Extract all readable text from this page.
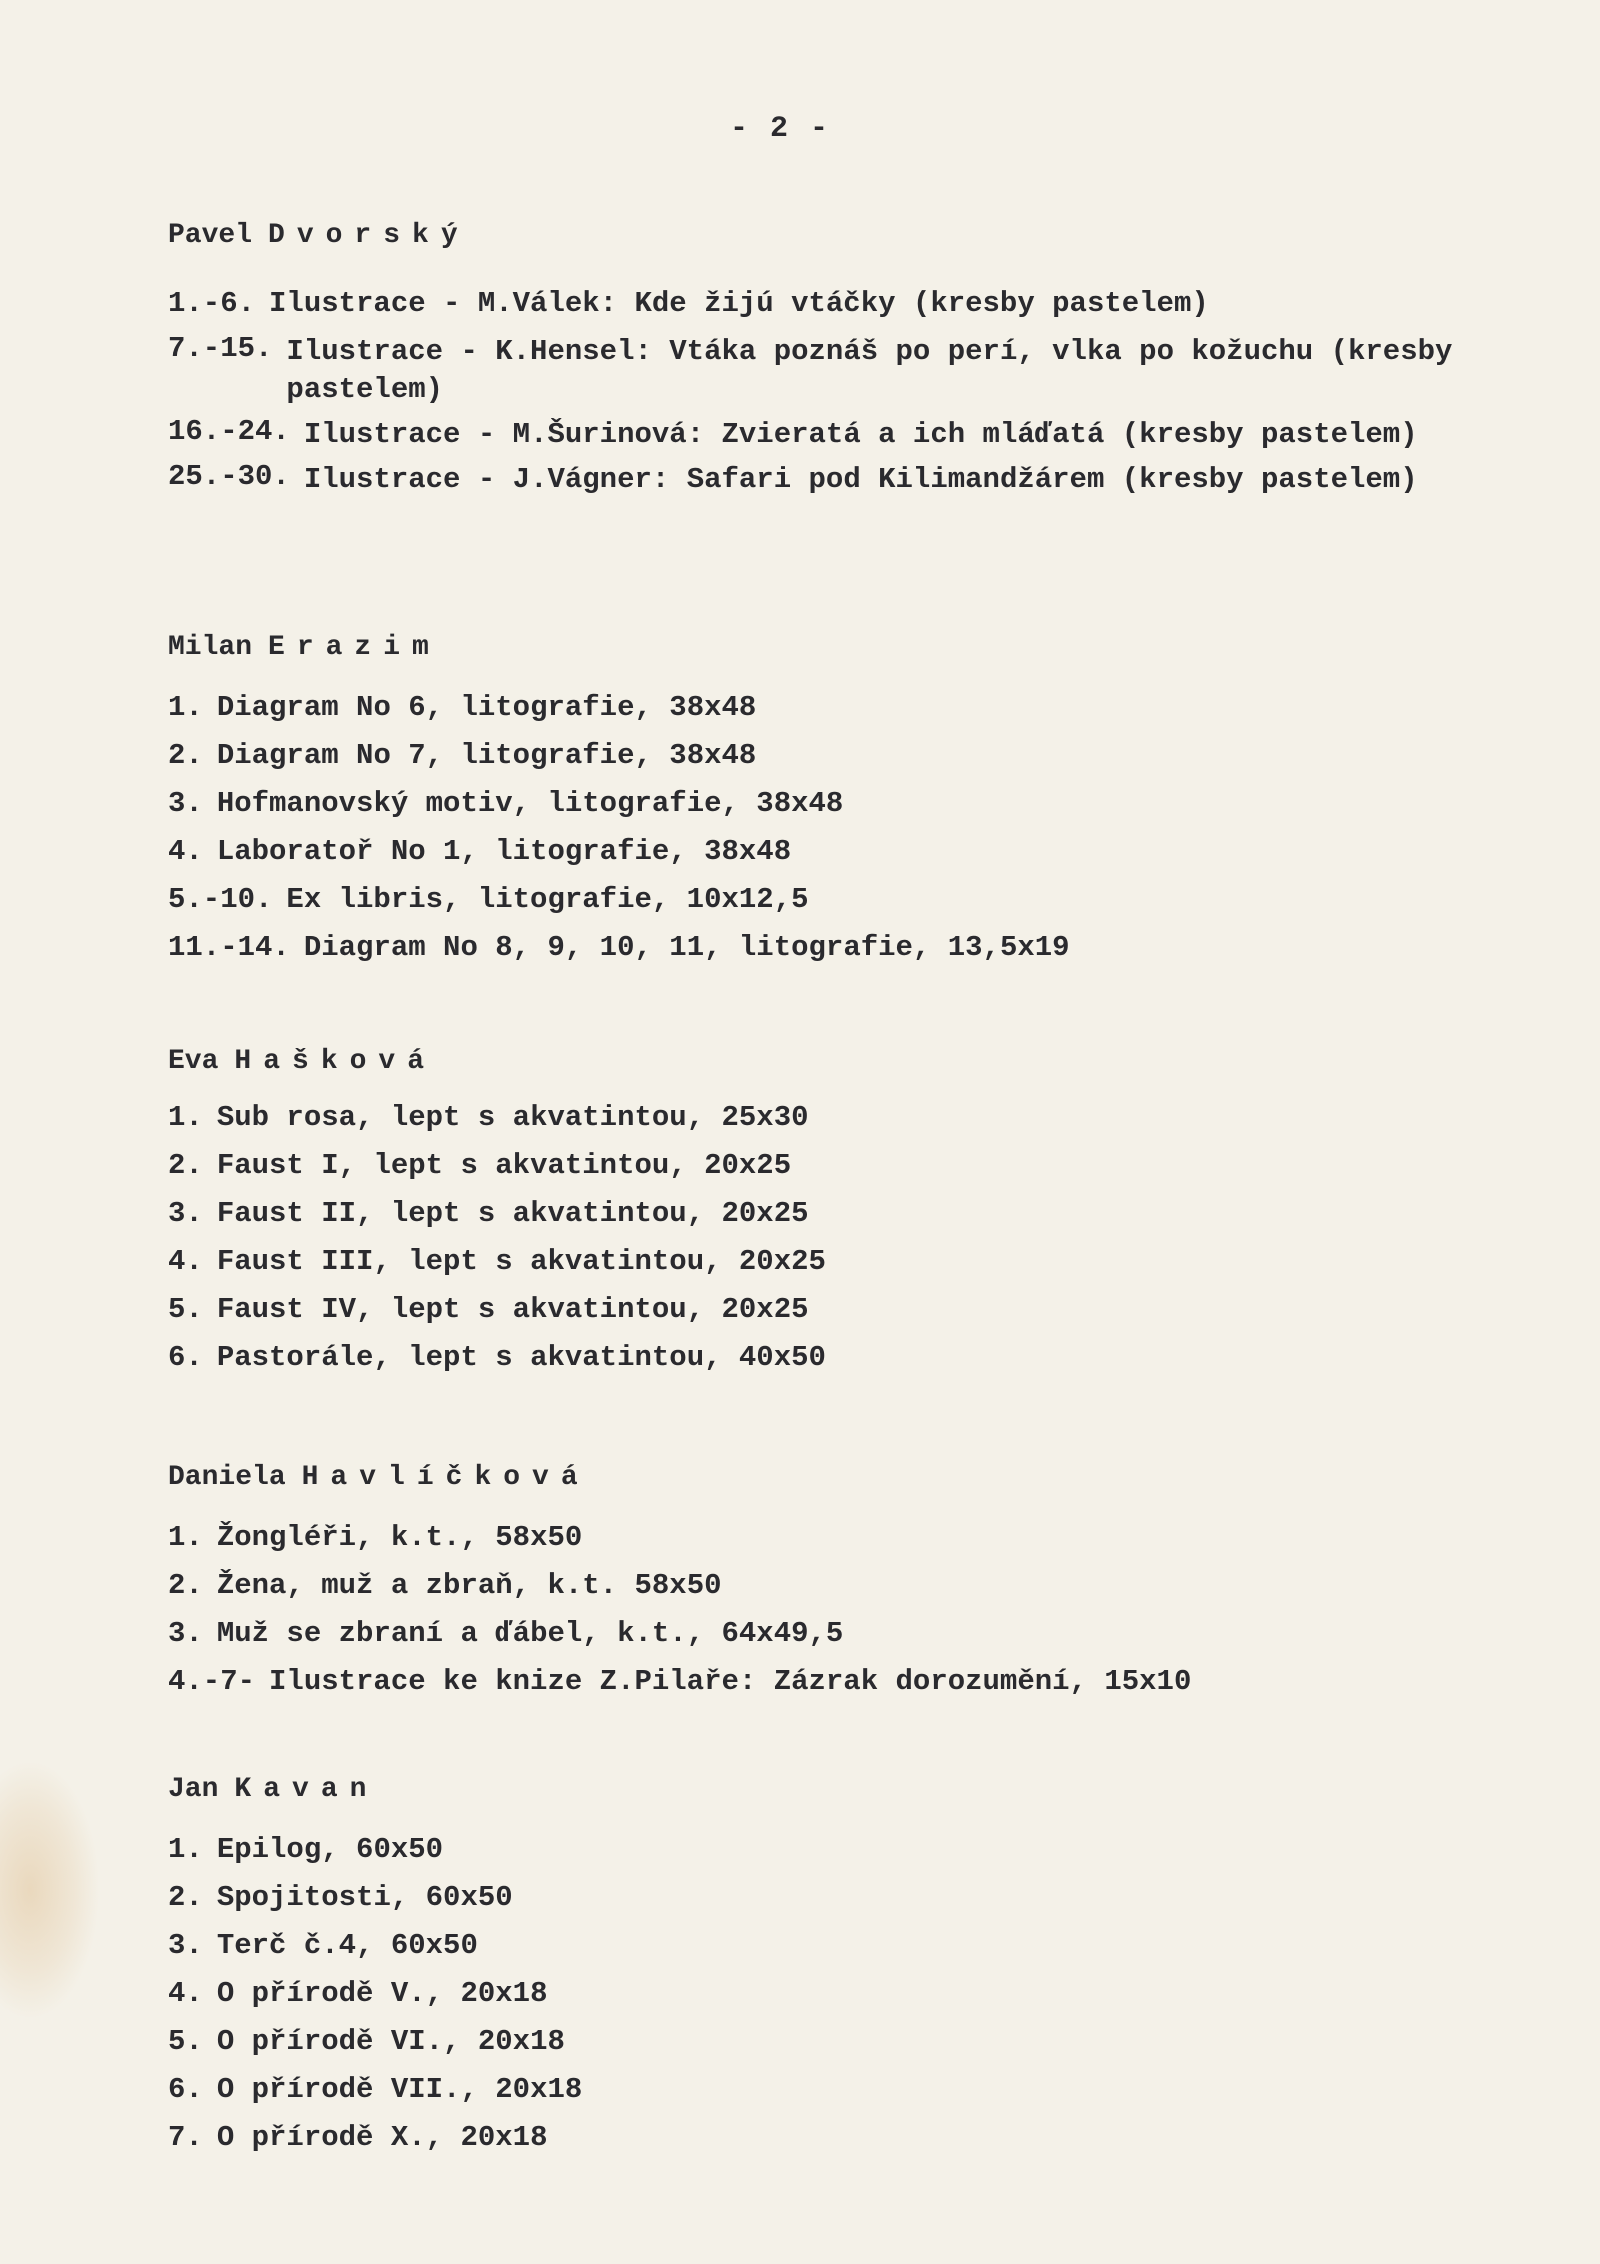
- 2 -
Pavel Dvorský
1.-6. Ilustrace - M.Válek: Kde žijú vtáčky (kresby pastelem)
7.-15. Ilustrace - K.Hensel: Vtáka poznáš po perí, vlka po kožuchu (kresby pastelem)
16.-24. Ilustrace - M.Šurinová: Zvieratá a ich mláďatá (kresby pastelem)
25.-30. Ilustrace - J.Vágner: Safari pod Kilimandžárem (kresby pastelem)
Milan Erazim
1. Diagram No 6, litografie, 38x48
2. Diagram No 7, litografie, 38x48
3. Hofmanovský motiv, litografie, 38x48
4. Laboratoř No 1, litografie, 38x48
5.-10. Ex libris, litografie, 10x12,5
11.-14. Diagram No 8, 9, 10, 11, litografie, 13,5x19
Eva Hašková
1. Sub rosa, lept s akvatintou, 25x30
2. Faust I, lept s akvatintou, 20x25
3. Faust II, lept s akvatintou, 20x25
4. Faust III, lept s akvatintou, 20x25
5. Faust IV, lept s akvatintou, 20x25
6. Pastorále, lept s akvatintou, 40x50
Daniela Havlíčková
1. Žongléři, k.t., 58x50
2. Žena, muž a zbraň, k.t. 58x50
3. Muž se zbraní a ďábel, k.t., 64x49,5
4.-7- Ilustrace ke knize Z.Pilaře: Zázrak dorozumění, 15x10
Jan Kavan
1. Epilog, 60x50
2. Spojitosti, 60x50
3. Terč č.4, 60x50
4. O přírodě V., 20x18
5. O přírodě VI., 20x18
6. O přírodě VII., 20x18
7. O přírodě X., 20x18
